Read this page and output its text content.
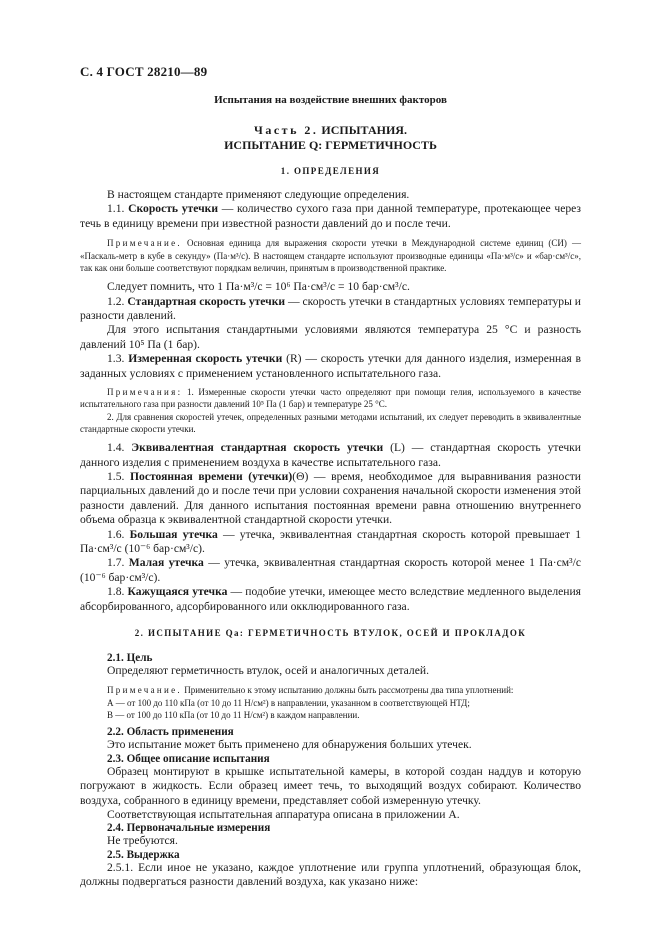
С. 4 ГОСТ 28210—89

Испытания на воздействие внешних факторов

Часть 2. ИСПЫТАНИЯ.

ИСПЫТАНИЕ Q: ГЕРМЕТИЧНОСТЬ

1. ОПРЕДЕЛЕНИЯ

В настоящем стандарте применяют следующие определения.

1.1. Скорость утечки — количество сухого газа при данной температуре, протекающее через течь в единицу времени при известной разности давлений до и после течи.

Примечание. Основная единица для выражения скорости утечки в Международной системе единиц (СИ) — «Паскаль-метр в кубе в секунду» (Па·м³/с). В настоящем стандарте используют производные единицы «Па·м³/с» и «бар·см³/с», так как они больше соответствуют порядкам величин, принятым в производственной практике.

Следует помнить, что 1 Па·м³/с = 10⁶ Па·см³/с = 10 бар·см³/с.

1.2. Стандартная скорость утечки — скорость утечки в стандартных условиях температуры и разности давлений.

Для этого испытания стандартными условиями являются температура 25 °С и разность давлений 10⁵ Па (1 бар).

1.3. Измеренная скорость утечки (R) — скорость утечки для данного изделия, измеренная в заданных условиях с применением установленного испытательного газа.

Примечания: 1. Измеренные скорости утечки часто определяют при помощи гелия, используемого в качестве испытательного газа при разности давлений 10⁵ Па (1 бар) и температуре 25 °С.

2. Для сравнения скоростей утечек, определенных разными методами испытаний, их следует переводить в эквивалентные стандартные скорости утечки.

1.4. Эквивалентная стандартная скорость утечки (L) — стандартная скорость утечки данного изделия с применением воздуха в качестве испытательного газа.

1.5. Постоянная времени (утечки)(Θ) — время, необходимое для выравнивания разности парциальных давлений до и после течи при условии сохранения начальной скорости изменения этой разности давлений. Для данного испытания постоянная времени равна отношению внутреннего объема образца к эквивалентной стандартной скорости утечки.

1.6. Большая утечка — утечка, эквивалентная стандартная скорость которой превышает 1 Па·см³/с (10⁻⁶ бар·см³/с).

1.7. Малая утечка — утечка, эквивалентная стандартная скорость которой менее 1 Па·см³/с (10⁻⁶ бар·см³/с).

1.8. Кажущаяся утечка — подобие утечки, имеющее место вследствие медленного выделения абсорбированного, адсорбированного или окклюдированного газа.

2. ИСПЫТАНИЕ Qa: ГЕРМЕТИЧНОСТЬ ВТУЛОК, ОСЕЙ И ПРОКЛАДОК

2.1. Цель

Определяют герметичность втулок, осей и аналогичных деталей.

Примечание. Применительно к этому испытанию должны быть рассмотрены два типа уплотнений:

А — от 100 до 110 кПа (от 10 до 11 Н/см²) в направлении, указанном в соответствующей НТД;

В — от 100 до 110 кПа (от 10 до 11 Н/см²) в каждом направлении.

2.2. Область применения

Это испытание может быть применено для обнаружения больших утечек.

2.3. Общее описание испытания

Образец монтируют в крышке испытательной камеры, в которой создан наддув и которую погружают в жидкость. Если образец имеет течь, то выходящий воздух собирают. Количество воздуха, собранного в единицу времени, представляет собой измеренную утечку.

Соответствующая испытательная аппаратура описана в приложении А.

2.4. Первоначальные измерения

Не требуются.

2.5. Выдержка

2.5.1. Если иное не указано, каждое уплотнение или группа уплотнений, образующая блок, должны подвергаться разности давлений воздуха, как указано ниже:
